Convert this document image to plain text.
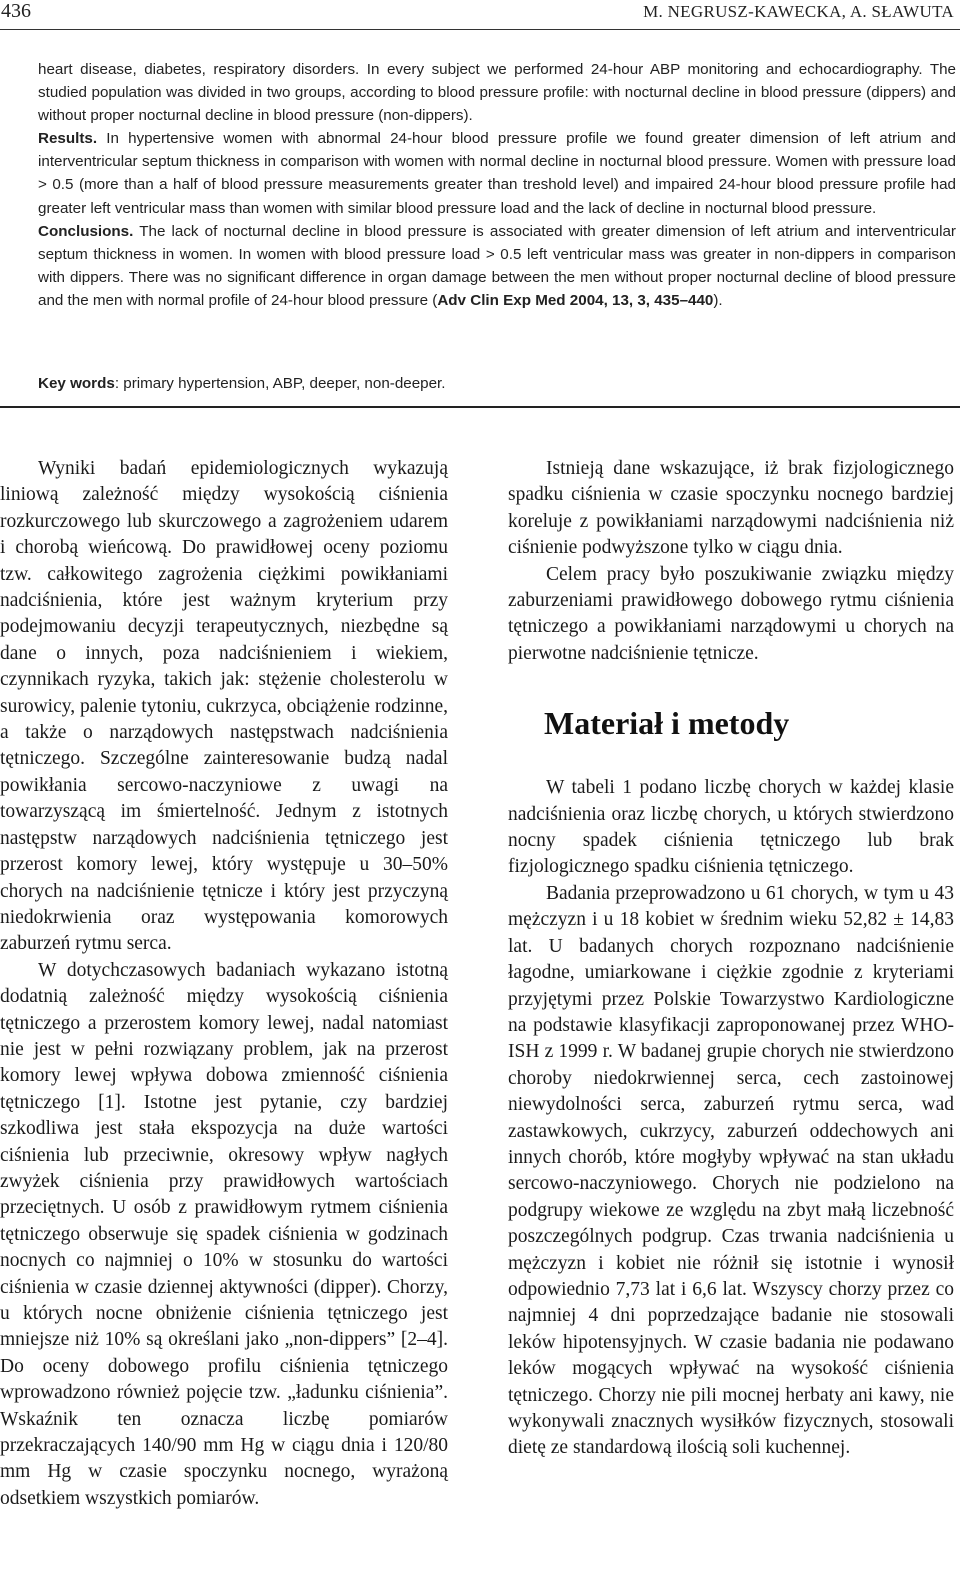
436	M. NEGRUSZ-KAWECKA, A. SŁAWUTA

heart disease, diabetes, respiratory disorders. In every subject we performed 24-hour ABP monitoring and echocardiography. The studied population was divided in two groups, according to blood pressure profile: with nocturnal decline in blood pressure (dippers) and without proper nocturnal decline in blood pressure (non-dippers).

Results. In hypertensive women with abnormal 24-hour blood pressure profile we found greater dimension of left atrium and interventricular septum thickness in comparison with women with normal decline in nocturnal blood pressure. Women with pressure load > 0.5 (more than a half of blood pressure measurements greater than treshold level) and impaired 24-hour blood pressure profile had greater left ventricular mass than women with similar blood pressure load and the lack of decline in nocturnal blood pressure.

Conclusions. The lack of nocturnal decline in blood pressure is associated with greater dimension of left atrium and interventricular septum thickness in women. In women with blood pressure load > 0.5 left ventricular mass was greater in non-dippers in comparison with dippers. There was no significant difference in organ damage between the men without proper nocturnal decline of blood pressure and the men with normal profile of 24-hour blood pressure (Adv Clin Exp Med 2004, 13, 3, 435–440).

Key words: primary hypertension, ABP, deeper, non-deeper.

Wyniki badań epidemiologicznych wykazują liniową zależność między wysokością ciśnienia rozkurczowego lub skurczowego a zagrożeniem udarem i chorobą wieńcową. Do prawidłowej oceny poziomu tzw. całkowitego zagrożenia ciężkimi powikłaniami nadciśnienia, które jest ważnym kryterium przy podejmowaniu decyzji terapeutycznych, niezbędne są dane o innych, poza nadciśnieniem i wiekiem, czynnikach ryzyka, takich jak: stężenie cholesterolu w surowicy, palenie tytoniu, cukrzyca, obciążenie rodzinne, a także o narządowych następstwach nadciśnienia tętniczego. Szczególne zainteresowanie budzą nadal powikłania sercowo-naczyniowe z uwagi na towarzyszącą im śmiertelność. Jednym z istotnych następstw narządowych nadciśnienia tętniczego jest przerost komory lewej, który występuje u 30–50% chorych na nadciśnienie tętnicze i który jest przyczyną niedokrwienia oraz występowania komorowych zaburzeń rytmu serca.

W dotychczasowych badaniach wykazano istotną dodatnią zależność między wysokością ciśnienia tętniczego a przerostem komory lewej, nadal natomiast nie jest w pełni rozwiązany problem, jak na przerost komory lewej wpływa dobowa zmienność ciśnienia tętniczego [1]. Istotne jest pytanie, czy bardziej szkodliwa jest stała ekspozycja na duże wartości ciśnienia lub przeciwnie, okresowy wpływ nagłych zwyżek ciśnienia przy prawidłowych wartościach przeciętnych. U osób z prawidłowym rytmem ciśnienia tętniczego obserwuje się spadek ciśnienia w godzinach nocnych co najmniej o 10% w stosunku do wartości ciśnienia w czasie dziennej aktywności (dipper). Chorzy, u których nocne obniżenie ciśnienia tętniczego jest mniejsze niż 10% są określani jako „non-dippers” [2–4]. Do oceny dobowego profilu ciśnienia tętniczego wprowadzono również pojęcie tzw. „ładunku ciśnienia”. Wskaźnik ten oznacza liczbę pomiarów przekraczających 140/90 mm Hg w ciągu dnia i 120/80 mm Hg w czasie spoczynku nocnego, wyrażoną odsetkiem wszystkich pomiarów.

Istnieją dane wskazujące, iż brak fizjologicznego spadku ciśnienia w czasie spoczynku nocnego bardziej koreluje z powikłaniami narządowymi nadciśnienia niż ciśnienie podwyższone tylko w ciągu dnia.

Celem pracy było poszukiwanie związku między zaburzeniami prawidłowego dobowego rytmu ciśnienia tętniczego a powikłaniami narządowymi u chorych na pierwotne nadciśnienie tętnicze.

Materiał i metody

W tabeli 1 podano liczbę chorych w każdej klasie nadciśnienia oraz liczbę chorych, u których stwierdzono nocny spadek ciśnienia tętniczego lub brak fizjologicznego spadku ciśnienia tętniczego.

Badania przeprowadzono u 61 chorych, w tym u 43 mężczyzn i u 18 kobiet w średnim wieku 52,82 ± 14,83 lat. U badanych chorych rozpoznano nadciśnienie łagodne, umiarkowane i ciężkie zgodnie z kryteriami przyjętymi przez Polskie Towarzystwo Kardiologiczne na podstawie klasyfikacji zaproponowanej przez WHO-ISH z 1999 r. W badanej grupie chorych nie stwierdzono choroby niedokrwiennej serca, cech zastoinowej niewydolności serca, zaburzeń rytmu serca, wad zastawkowych, cukrzycy, zaburzeń oddechowych ani innych chorób, które mogłyby wpływać na stan układu sercowo-naczyniowego. Chorych nie podzielono na podgrupy wiekowe ze względu na zbyt małą liczebność poszczególnych podgrup. Czas trwania nadciśnienia u mężczyzn i kobiet nie różnił się istotnie i wynosił odpowiednio 7,73 lat i 6,6 lat. Wszyscy chorzy przez co najmniej 4 dni poprzedzające badanie nie stosowali leków hipotensyjnych. W czasie badania nie podawano leków mogących wpływać na wysokość ciśnienia tętniczego. Chorzy nie pili mocnej herbaty ani kawy, nie wykonywali znacznych wysiłków fizycznych, stosowali dietę ze standardową ilością soli kuchennej.
